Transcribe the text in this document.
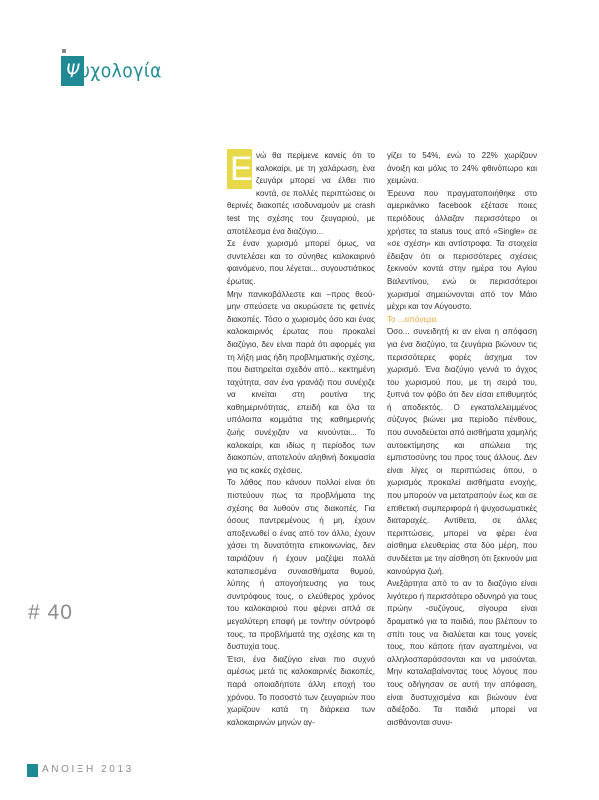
Ψυχολογία
Ε νώ θα περίμενε κανείς ότι το καλοκαίρι, με τη χαλάρωση, ένα ζευγάρι μπορεί να έλθει πιο κοντά, σε πολλές περιπτώσεις οι θερινές διακοπές ισοδυναμούν με crash test της σχέσης του ζευγαριού, με αποτέλεσμα ένα διαζύγιο...

Σε έναν χωρισμό μπορεί όμως, να συντελέσει και το σύνηθες καλοκαιρινό φαινόμενο, που λέγεται... συγουστιάτικος έρωτας.

Μην πανικοβάλλεστε και –προς θεού- μην σπεύσετε να ακυρώσετε τις φετινές διακοπές. Τόσο ο χωρισμός όσο και ένας καλοκαιρινός έρωτας που προκαλεί διαζύγιο, δεν είναι παρά ότι αφορμές για τη λήξη μιας ήδη προβληματικής σχέσης, που διατηρείται σχεδόν από... κεκτημένη ταχύτητα, σαν ένα γρανάζι που συνέχιζε να κινείται στη ρουτίνα της καθημερινότητας, επειδή και όλα τα υπόλοιπα κομμάτια της καθημερινής ζωής συνέχιζαν να κινούνται... Το καλοκαίρι, και ιδίως η περίοδος των διακοπών, αποτελούν αληθινή δοκιμασία για τις κακές σχέσεις.

Το λάθος που κάνουν πολλοί είναι ότι πιστεύουν πως τα προβλήματα της σχέσης θα λυθούν στις διακοπές. Για όσους παντρεμένους ή μη, έχουν αποξενωθεί ο ένας από τον άλλο, έχουν χάσει τη δυνατότητα επικοινωνίας, δεν ταιριάζουν ή έχουν μαζέψει πολλά καταπιεσμένα συναισθήματα θυμού, λύπης ή απογοήτευσης για τους συντρόφους τους, ο ελεύθερος χρόνος του καλοκαιριού που φέρνει απλά σε μεγαλύτερη επαφή με τον/την σύντροφό τους, τα προβλήματά της σχέσης και τη δυστυχία τους.

Έτσι, ένα διαζύγιο είναι πιο συχνό αμέσως μετά τις καλοκαιρινές διακοπές, παρά οποιαδήποτε άλλη εποχή του χρόνου. Το ποσοστό των ζευγαριών που χωρίζουν κατά τη διάρκεια των καλοκαιρινών μηνών αγ-

γίζει το 54%, ενώ το 22% χωρίζουν άνοιξη και μόλις το 24% φθινόπωρο και χειμώνα.

Έρευνα που πραγματοποιήθηκε στο αμερικάνικο facebook εξέτασε ποιες περιόδους άλλαζαν περισσότερο οι χρήστες τα status τους από «Single» σε «σε σχέση» και αντίστροφα. Τα στοιχεία έδειξαν ότι οι περισσότερες σχέσεις ξεκινούν κοντά στην ημέρα του Αγίου Βαλεντίνου, ενώ οι περισσότεροι χωρισμοί σημειώνονται από τον Μάιο μέχρι και τον Αύγουστο.

Το ...απόνερα

Όσο... συνειδητή κι αν είναι η απόφαση για ένα διαζύγιο, τα ζευγάρια βιώνουν τις περισσότερες φορές άσχημα τον χωρισμό. Ένα διαζύγιο γεννά το άγχος του χωρισμού που, με τη σειρά του, ξυπνά τον φόβο ότι δεν είσαι επιθυμητός ή αποδεκτός. Ο εγκαταλελειμμένος σύζυγος βιώνει μια περίοδο πένθους, που συνοδεύεται από αισθήματα χαμηλής αυτοεκτίμησης και απώλεια της εμπιστοσύνης του προς τους άλλους. Δεν είναι λίγες οι περιπτώσεις όπου, ο χωρισμός προκαλεί αισθήματα ενοχής, που μπορούν να μετατραπούν έως και σε επιθετική συμπεριφορά ή ψυχοσωματικές διαταραχές. Αντίθετα, σε άλλες περιπτώσεις, μπορεί να φέρει ένα αίσθημα ελευθερίας στα δύο μέρη, που συνδέεται με την αίσθηση ότι ξεκινούν μια καινούργια ζωή.

Ανεξάρτητα από το αν το διαζύγιο είναι λιγότερο ή περισσότερο οδυνηρό για τους πρώην -συζύγους, σίγουρα είναι δραματικό για τα παιδιά, που βλέπουν το σπίτι τους να διαλύεται και τους γονείς τους, που κάποτε ήταν αγαπημένοι, να αλληλοσπαράσσονται και να μισούνται. Μην καταλαβαίνοντας τους λόγους που τους οδήγησαν σε αυτή την απόφαση, είναι δυστυχισμένα και βιώνουν ένα αδιέξοδο. Τα παιδιά μπορεί να αισθάνονται συνυ-

# 40
ΑΝΟΙΞΗ 2013
